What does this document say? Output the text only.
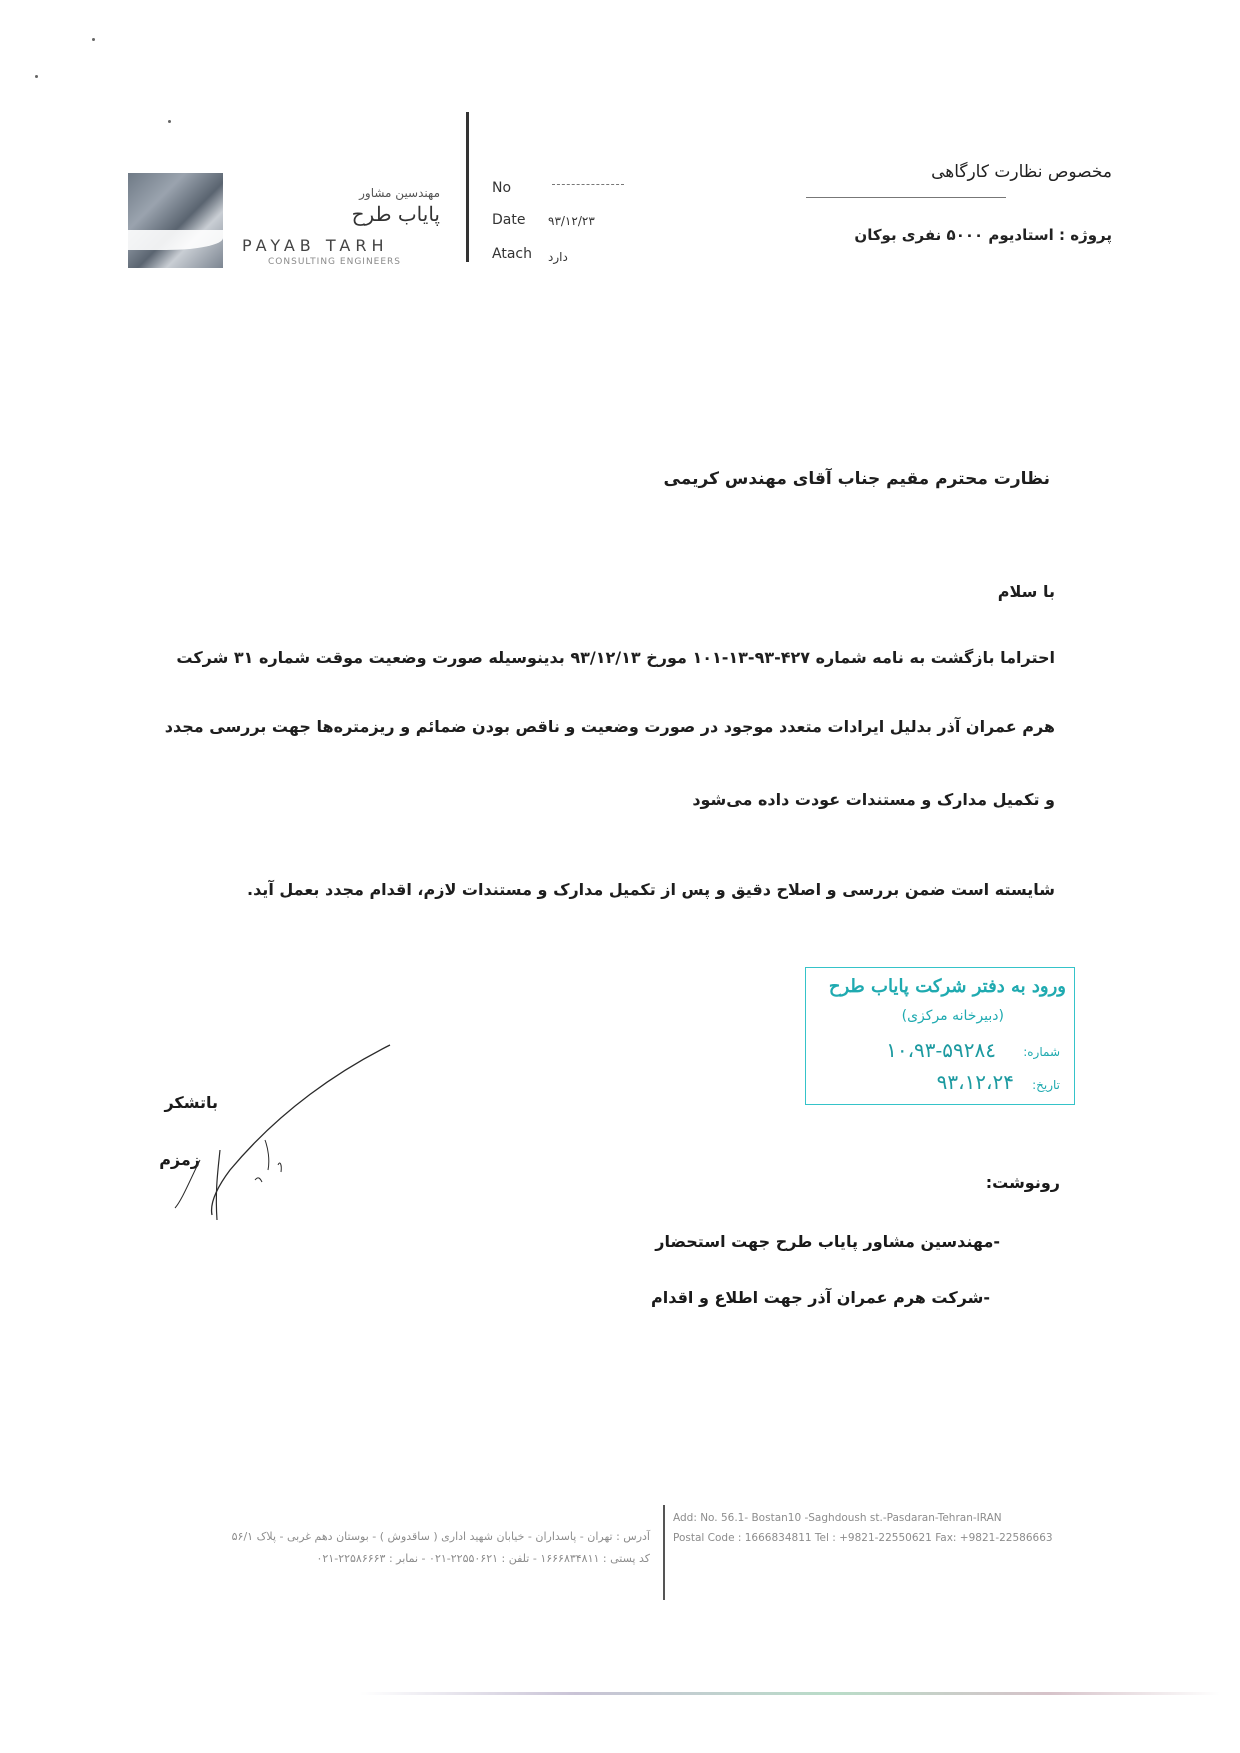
مهندسین مشاور
پایاب طرح
PAYAB TARH
CONSULTING ENGINEERS
No
Date ۹۳/۱۲/۲۳
Atach دارد
مخصوص نظارت کارگاهی
پروژه : استادیوم ۵۰۰۰ نفری بوکان
نظارت محترم مقیم جناب آقای مهندس کریمی
با سلام
احتراما بازگشت به نامه شماره ۴۲۷-۹۳-۱۳-۱۰۱ مورخ ۹۳/۱۲/۱۳ بدینوسیله صورت وضعیت موقت شماره ۳۱ شرکت
هرم عمران آذر بدلیل ایرادات متعدد موجود در صورت وضعیت و ناقص بودن ضمائم و ریزمتره‌ها جهت بررسی مجدد
و تکمیل مدارک و مستندات عودت داده می‌شود
شایسته است ضمن بررسی و اصلاح دقیق و پس از تکمیل مدارک و مستندات لازم، اقدام مجدد بعمل آید.
ورود به دفتر شرکت پایاب طرح
(دبیرخانه مرکزی)
شماره:
۱۰،۹۳-۵۹۲۸٤
تاریخ:
۹۳،۱۲،۲۴
باتشکر
زمزم
رونوشت:
-مهندسین مشاور پایاب طرح جهت استحضار
-شرکت هرم عمران آذر جهت اطلاع و اقدام
آدرس : تهران - پاسداران - خیابان شهید اداری ( ساقدوش ) - بوستان دهم غربی - پلاک ۵۶/۱
کد پستی : ۱۶۶۶۸۳۴۸۱۱ - تلفن : ۲۲۵۵۰۶۲۱-۰۲۱ - نمابر : ۲۲۵۸۶۶۶۳-۰۲۱
Add: No. 56.1- Bostan10 -Saghdoush st.-Pasdaran-Tehran-IRAN
Postal Code : 1666834811 Tel : +9821-22550621 Fax: +9821-22586663
